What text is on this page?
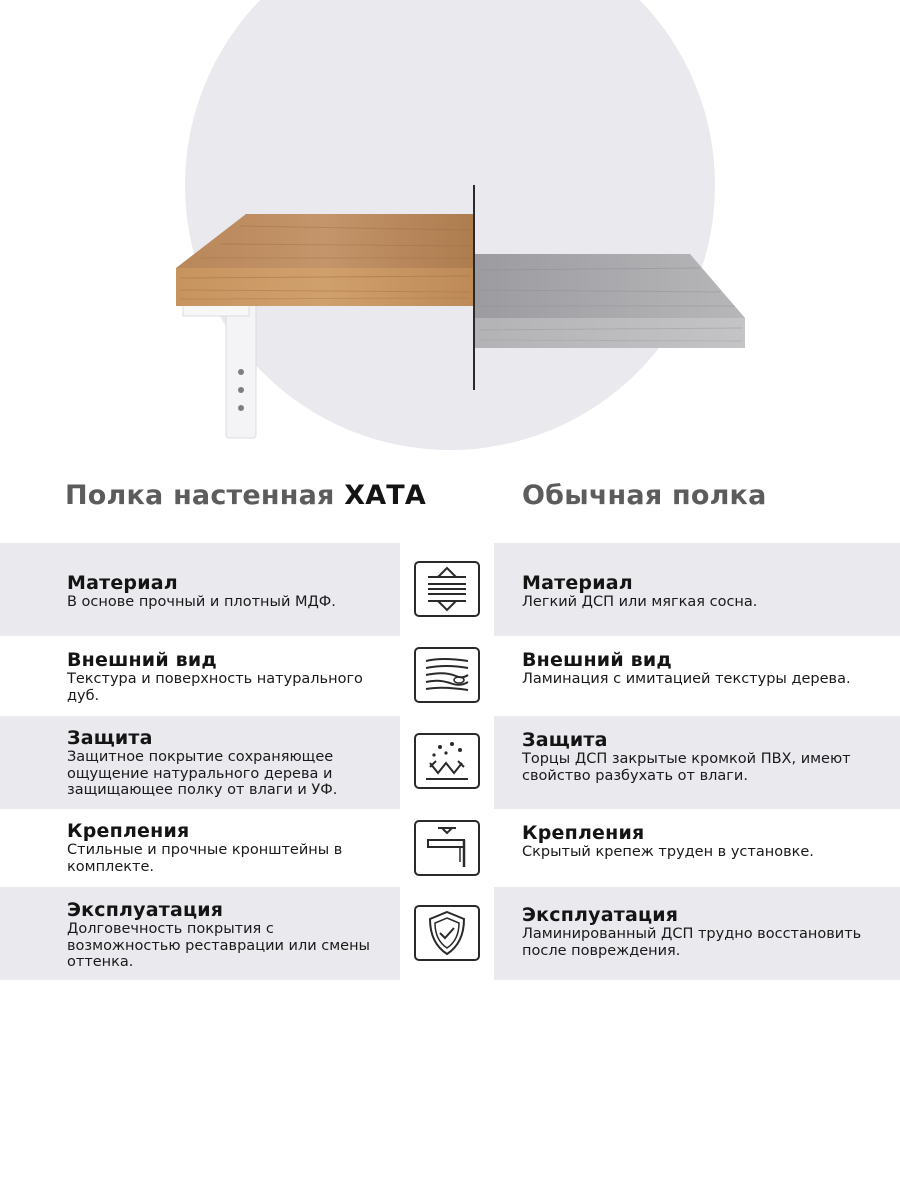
Полка настенная ХАТА	Обычная полка
Материал
В основе прочный и плотный МДФ.
Материал
Легкий ДСП или мягкая сосна.
Внешний вид
Текстура и поверхность натурального дуб.
Внешний вид
Ламинация с имитацией текстуры дерева.
Защита
Защитное покрытие сохраняющее ощущение натурального дерева и защищающее полку от влаги и УФ.
Защита
Торцы ДСП закрытые кромкой ПВХ, имеют свойство разбухать от влаги.
Крепления
Стильные и прочные кронштейны в комплекте.
Крепления
Скрытый крепеж труден в установке.
Эксплуатация
Долговечность покрытия с возможностью реставрации или смены оттенка.
Эксплуатация
Ламинированный ДСП трудно восстановить после повреждения.
